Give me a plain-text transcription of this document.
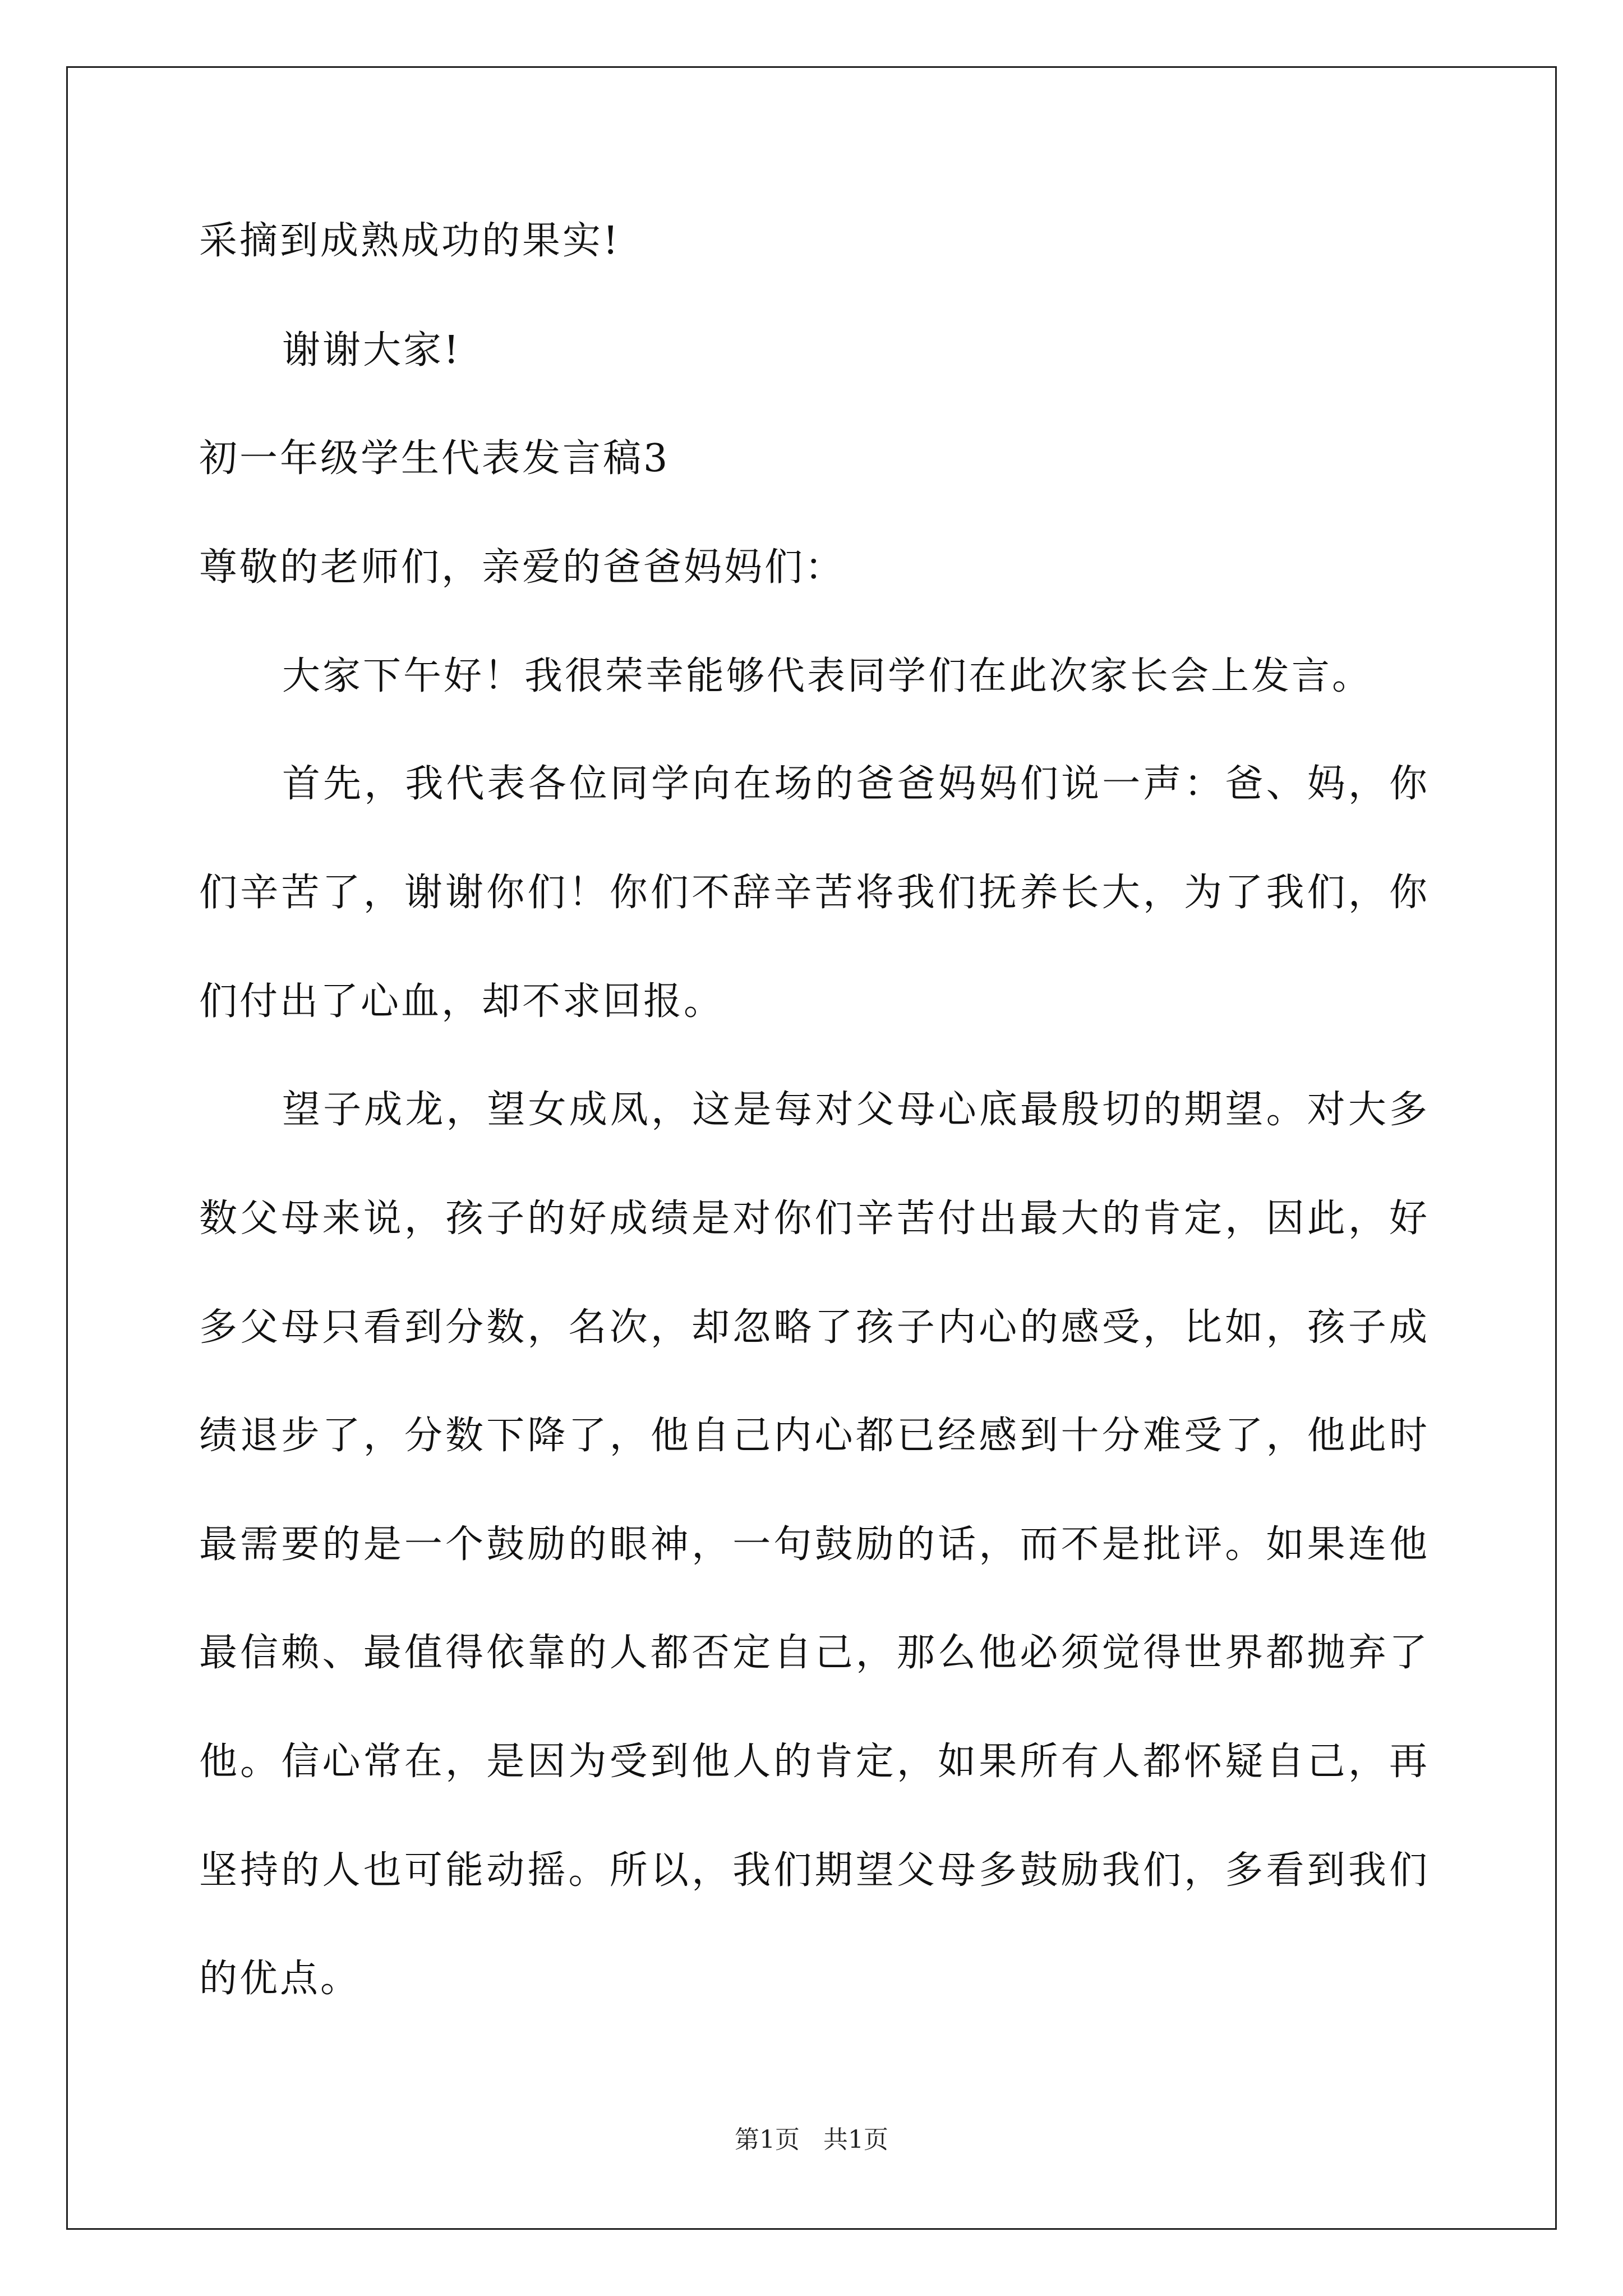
采摘到成熟成功的果实!
谢谢大家!
初一年级学生代表发言稿3
尊敬的老师们，亲爱的爸爸妈妈们：
大家下午好！我很荣幸能够代表同学们在此次家长会上发言。
首先，我代表各位同学向在场的爸爸妈妈们说一声：爸、妈，你
们辛苦了，谢谢你们！你们不辞辛苦将我们抚养长大，为了我们，你
们付出了心血，却不求回报。
望子成龙，望女成凤，这是每对父母心底最殷切的期望。对大多
数父母来说，孩子的好成绩是对你们辛苦付出最大的肯定，因此，好
多父母只看到分数，名次，却忽略了孩子内心的感受，比如，孩子成
绩退步了，分数下降了，他自己内心都已经感到十分难受了，他此时
最需要的是一个鼓励的眼神，一句鼓励的话，而不是批评。如果连他
最信赖、最值得依靠的人都否定自己，那么他必须觉得世界都抛弃了
他。信心常在，是因为受到他人的肯定，如果所有人都怀疑自己，再
坚持的人也可能动摇。所以，我们期望父母多鼓励我们，多看到我们
的优点。
第1页 共1页
